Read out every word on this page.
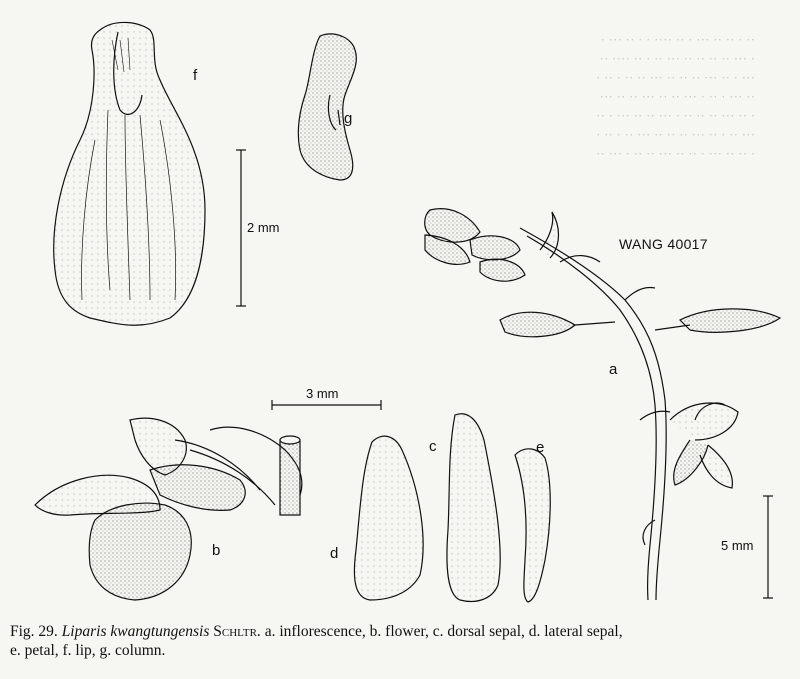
·· · ·· ·· ··· · ·· ···· · · ·· ··· ·
· ··· ·· ·· ·· ·· ··· ·· · ·· ···· ··
··· · ·· ··· ·· ·· ·· ··· ·· ·· · ·· ·
·· ··· · ·· · ··· ·· ·· ··· ·· ·· ···
· ·· ··· ·· ·· ·· · ··· ·· ·· ··· · ··
··· ·· · ·· ··· ·· ·· ·· ··· ·· · ·· ·
· ·· ·· ··· · ·· ·· ··· ·· ·· · ··· ··
f
g
a
b
c
d
e
2 mm
3 mm
5 mm
WANG 40017
Fig. 29. Liparis kwangtungensis Schltr. a. inflorescence, b. flower, c. dorsal sepal, d. lateral sepal,
e. petal, f. lip, g. column.
